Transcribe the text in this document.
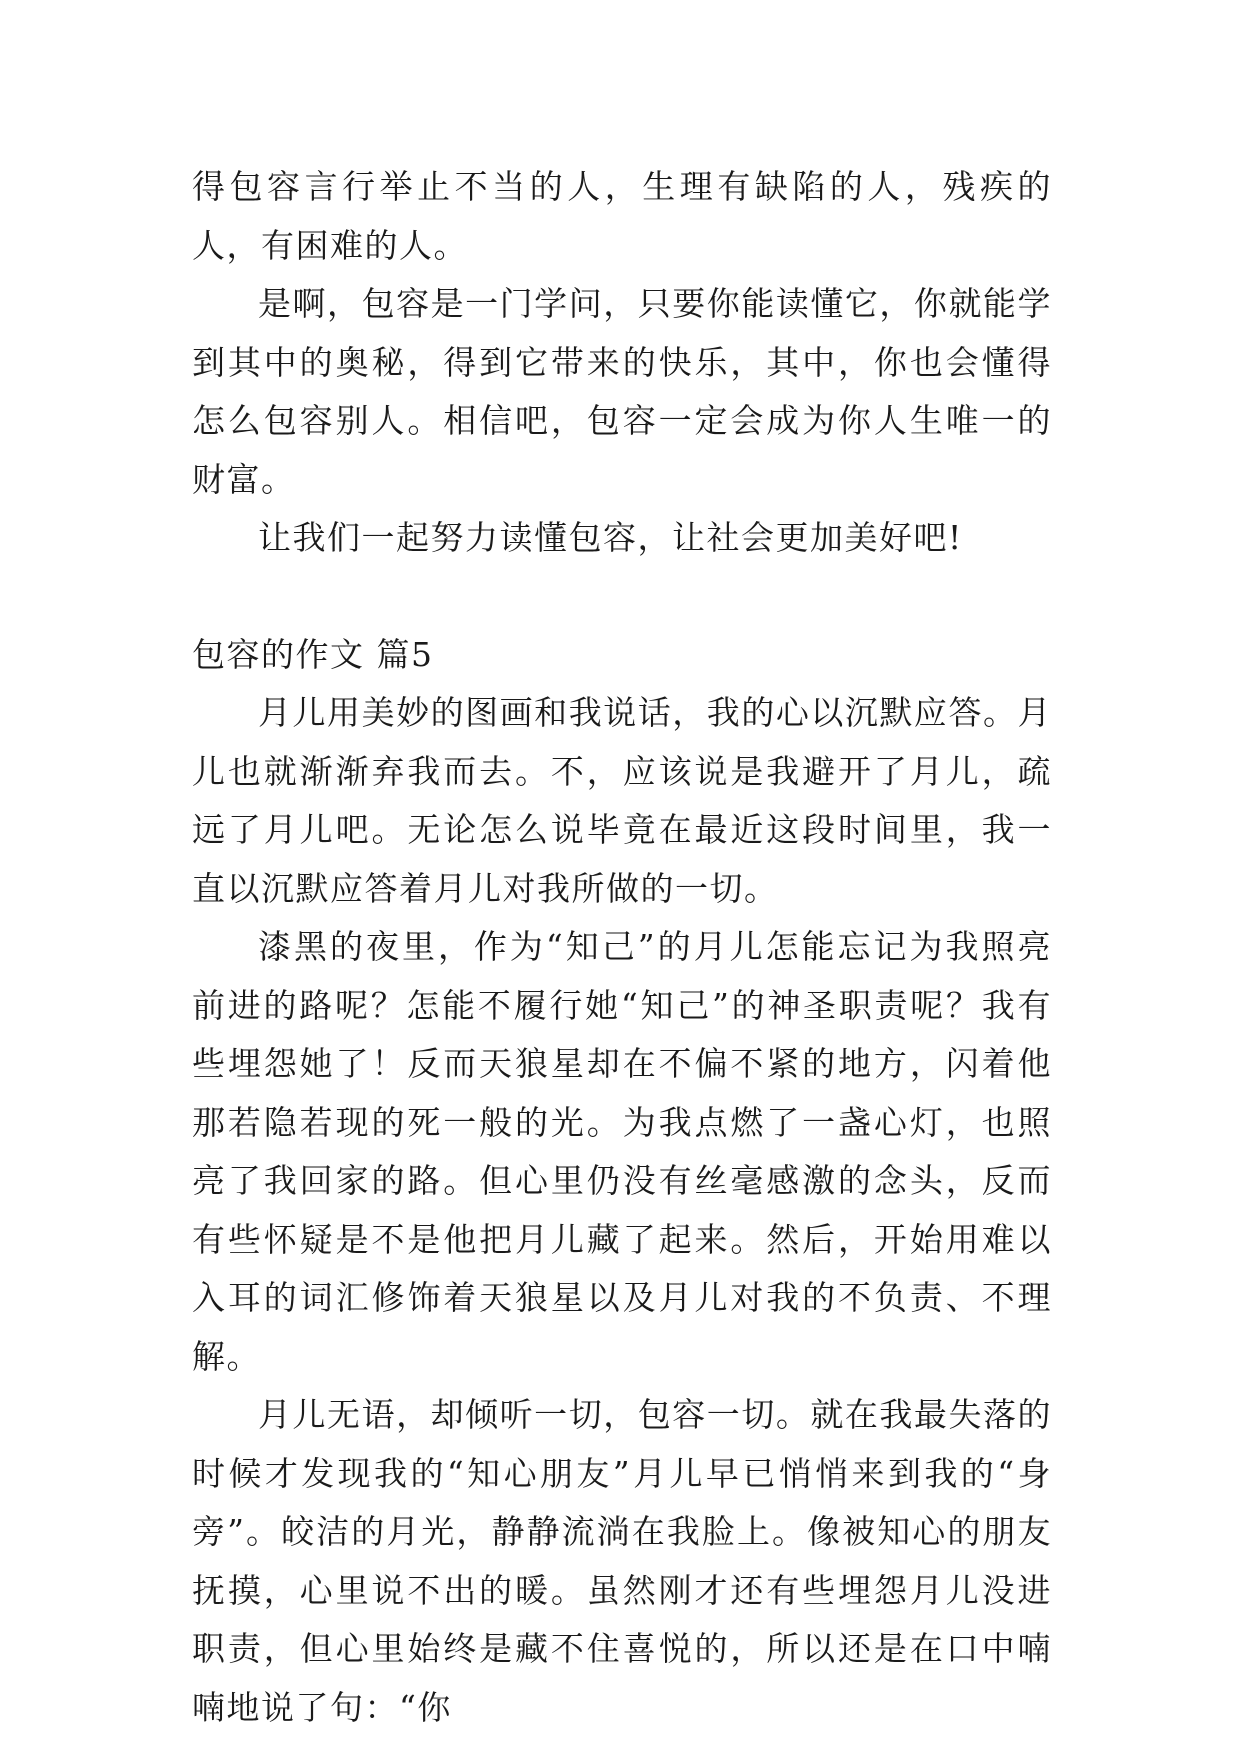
得包容言行举止不当的人，生理有缺陷的人，残疾的人，有困难的人。

是啊，包容是一门学问，只要你能读懂它，你就能学到其中的奥秘，得到它带来的快乐，其中，你也会懂得怎么包容别人。相信吧，包容一定会成为你人生唯一的财富。

让我们一起努力读懂包容，让社会更加美好吧!

包容的作文 篇5

月儿用美妙的图画和我说话，我的心以沉默应答。月儿也就渐渐弃我而去。不，应该说是我避开了月儿，疏远了月儿吧。无论怎么说毕竟在最近这段时间里，我一直以沉默应答着月儿对我所做的一切。

漆黑的夜里，作为“知己”的月儿怎能忘记为我照亮前进的路呢？怎能不履行她“知己”的神圣职责呢？我有些埋怨她了！反而天狼星却在不偏不紧的地方，闪着他那若隐若现的死一般的光。为我点燃了一盏心灯，也照亮了我回家的路。但心里仍没有丝毫感激的念头，反而有些怀疑是不是他把月儿藏了起来。然后，开始用难以入耳的词汇修饰着天狼星以及月儿对我的不负责、不理解。

月儿无语，却倾听一切，包容一切。就在我最失落的时候才发现我的“知心朋友”月儿早已悄悄来到我的“身旁”。皎洁的月光，静静流淌在我脸上。像被知心的朋友抚摸，心里说不出的暖。虽然刚才还有些埋怨月儿没进职责，但心里始终是藏不住喜悦的，所以还是在口中喃喃地说了句：“你
